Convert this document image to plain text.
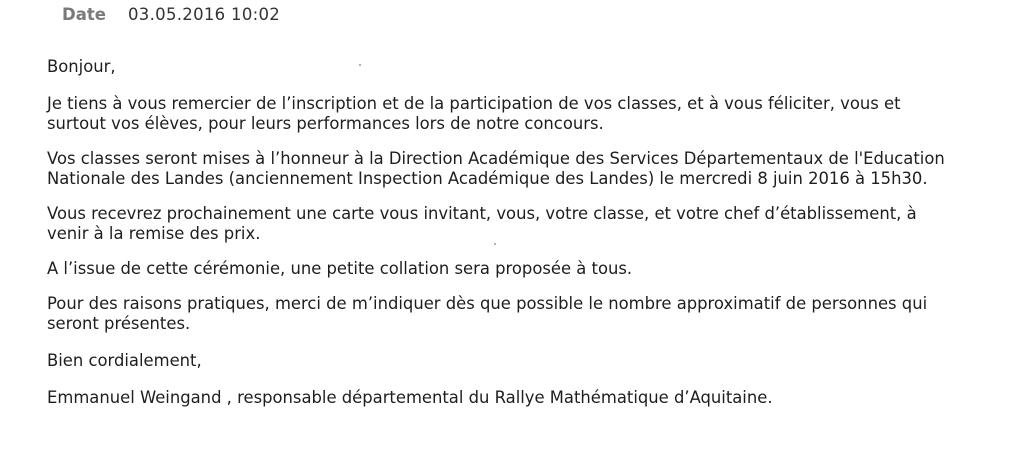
Date 03.05.2016 10:02

Bonjour,

Je tiens à vous remercier de l’inscription et de la participation de vos classes, et à vous féliciter, vous et
surtout vos élèves, pour leurs performances lors de notre concours.

Vos classes seront mises à l’honneur à la Direction Académique des Services Départementaux de l'Education
Nationale des Landes (anciennement Inspection Académique des Landes) le mercredi 8 juin 2016 à 15h30.

Vous recevrez prochainement une carte vous invitant, vous, votre classe, et votre chef d’établissement, à
venir à la remise des prix.

A l’issue de cette cérémonie, une petite collation sera proposée à tous.

Pour des raisons pratiques, merci de m’indiquer dès que possible le nombre approximatif de personnes qui
seront présentes.

Bien cordialement,

Emmanuel Weingand , responsable départemental du Rallye Mathématique d’Aquitaine.
